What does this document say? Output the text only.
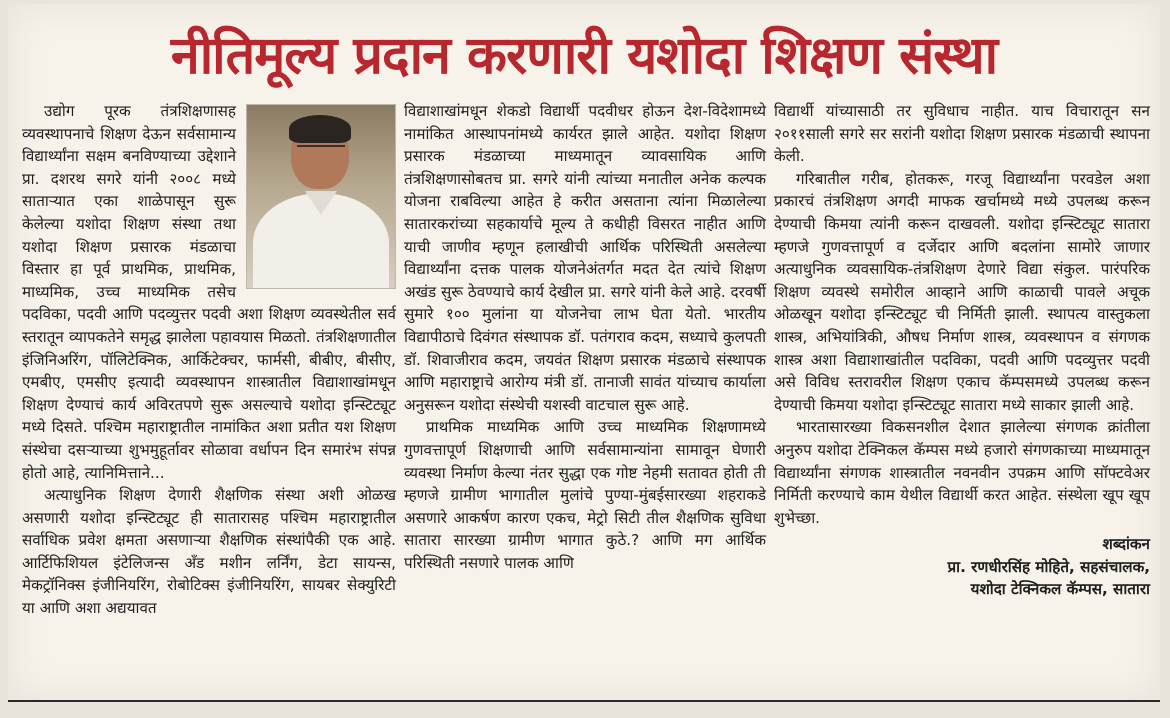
नीतिमूल्य प्रदान करणारी यशोदा शिक्षण संस्था

उद्योग पूरक तंत्रशिक्षणासह व्यवस्थापनाचे शिक्षण देऊन सर्वसामान्य विद्यार्थ्यांना सक्षम बनविण्याच्या उद्देशाने प्रा. दशरथ सगरे यांनी २००८ मध्ये सातार्‍यात एका शाळेपासून सुरू केलेल्या यशोदा शिक्षण संस्था तथा यशोदा शिक्षण प्रसारक मंडळाचा विस्तार हा पूर्व प्राथमिक, प्राथमिक, माध्यमिक, उच्च माध्यमिक तसेच पदविका, पदवी आणि पदव्युत्तर पदवी अशा शिक्षण व्यवस्थेतील सर्व स्तरातून व्यापकतेने समृद्ध झालेला पहावयास मिळतो. तंत्रशिक्षणातील इंजिनिअरिंग, पॉलिटेक्निक, आर्किटेक्चर, फार्मसी, बीबीए, बीसीए, एमबीए, एमसीए इत्यादी व्यवस्थापन शास्त्रातील विद्याशाखांमधून शिक्षण देण्याचं कार्य अविरतपणे सुरू असल्याचे यशोदा इन्स्टिट्यूट मध्ये दिसते. पश्चिम महाराष्ट्रातील नामांकित अशा प्रतीत यश शिक्षण संस्थेचा दसऱ्याच्या शुभमुहूर्तावर सोळावा वर्धापन दिन समारंभ संपन्न होतो आहे, त्यानिमित्ताने...

अत्याधुनिक शिक्षण देणारी शैक्षणिक संस्था अशी ओळख असणारी यशोदा इन्स्टिट्यूट ही सातारासह पश्चिम महाराष्ट्रातील सर्वाधिक प्रवेश क्षमता असणाऱ्या शैक्षणिक संस्थांपैकी एक आहे. आर्टिफिशियल इंटेलिजन्स अँड मशीन लर्निंग, डेटा सायन्स, मेकट्रॉनिक्स इंजीनियरिंग, रोबोटिक्स इंजीनियरिंग, सायबर सेक्युरिटी या आणि अशा अद्ययावत

विद्याशाखांमधून शेकडो विद्यार्थी पदवीधर होऊन देश-विदेशामध्ये नामांकित आस्थापनांमध्ये कार्यरत झाले आहेत. यशोदा शिक्षण प्रसारक मंडळाच्या माध्यमातून व्यावसायिक आणि तंत्रशिक्षणासोबतच प्रा. सगरे यांनी त्यांच्या मनातील अनेक कल्पक योजना राबविल्या आहेत हे करीत असताना त्यांना मिळालेल्या सातारकरांच्या सहकार्याचे मूल्य ते कधीही विसरत नाहीत आणि याची जाणीव म्हणून हलाखीची आर्थिक परिस्थिती असलेल्या विद्यार्थ्यांना दत्तक पालक योजनेअंतर्गत मदत देत त्यांचे शिक्षण अखंड सुरू ठेवण्याचे कार्य देखील प्रा. सगरे यांनी केले आहे. दरवर्षी सुमारे १०० मुलांना या योजनेचा लाभ घेता येतो. भारतीय विद्यापीठाचे दिवंगत संस्थापक डॉ. पतंगराव कदम, सध्याचे कुलपती डॉ. शिवाजीराव कदम, जयवंत शिक्षण प्रसारक मंडळाचे संस्थापक आणि महाराष्ट्राचे आरोग्य मंत्री डॉ. तानाजी सावंत यांच्याच कार्याला अनुसरून यशोदा संस्थेची यशस्वी वाटचाल सुरू आहे.

प्राथमिक माध्यमिक आणि उच्च माध्यमिक शिक्षणामध्ये गुणवत्तापूर्ण शिक्षणाची आणि सर्वसामान्यांना सामावून घेणारी व्यवस्था निर्माण केल्या नंतर सुद्धा एक गोष्ट नेहमी सतावत होती ती म्हणजे ग्रामीण भागातील मुलांचे पुण्या-मुंबईसारख्या शहराकडे असणारे आकर्षण कारण एकच, मेट्रो सिटी तील शैक्षणिक सुविधा सातारा सारख्या ग्रामीण भागात कुठे.? आणि मग आर्थिक परिस्थिती नसणारे पालक आणि

विद्यार्थी यांच्यासाठी तर सुविधाच नाहीत. याच विचारातून सन २०११साली सगरे सर सरांनी यशोदा शिक्षण प्रसारक मंडळाची स्थापना केली.

गरिबातील गरीब, होतकरू, गरजू विद्यार्थ्यांना परवडेल अशा प्रकारचं तंत्रशिक्षण अगदी माफक खर्चामध्ये मध्ये उपलब्ध करून देण्याची किमया त्यांनी करून दाखवली. यशोदा इन्स्टिट्यूट सातारा म्हणजे गुणवत्तापूर्ण व दर्जेदार आणि बदलांना सामोरे जाणार अत्याधुनिक व्यवसायिक-तंत्रशिक्षण देणारे विद्या संकुल. पारंपरिक शिक्षण व्यवस्थे समोरील आव्हाने आणि काळाची पावले अचूक ओळखून यशोदा इन्स्टिट्यूट ची निर्मिती झाली. स्थापत्य वास्तुकला शास्त्र, अभियांत्रिकी, औषध निर्माण शास्त्र, व्यवस्थापन व संगणक शास्त्र अशा विद्याशाखांतील पदविका, पदवी आणि पदव्युत्तर पदवी असे विविध स्तरावरील शिक्षण एकाच कॅम्पसमध्ये उपलब्ध करून देण्याची किमया यशोदा इन्स्टिट्यूट सातारा मध्ये साकार झाली आहे.

भारतासारख्या विकसनशील देशात झालेल्या संगणक क्रांतीला अनुरुप यशोदा टेक्निकल कॅम्पस मध्ये हजारो संगणकाच्या माध्यमातून विद्यार्थ्यांना संगणक शास्त्रातील नवनवीन उपक्रम आणि सॉफ्टवेअर निर्मिती करण्याचे काम येथील विद्यार्थी करत आहेत. संस्थेला खूप खूप शुभेच्छा.

शब्दांकन
प्रा. रणधीरसिंह मोहिते, सहसंचालक,
यशोदा टेक्निकल कॅम्पस, सातारा
